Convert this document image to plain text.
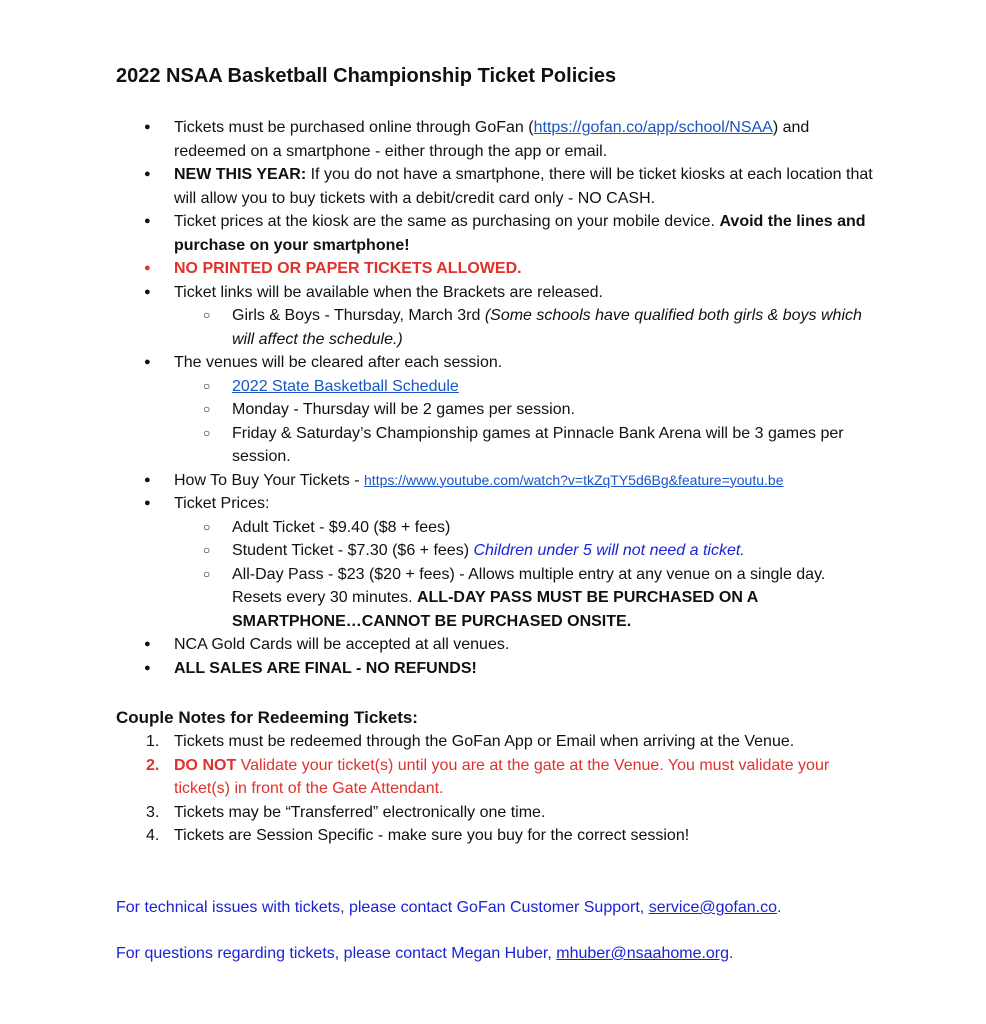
2022 NSAA Basketball Championship Ticket Policies
● Tickets must be purchased online through GoFan (https://gofan.co/app/school/NSAA) and redeemed on a smartphone - either through the app or email.
● NEW THIS YEAR: If you do not have a smartphone, there will be ticket kiosks at each location that will allow you to buy tickets with a debit/credit card only - NO CASH.
● Ticket prices at the kiosk are the same as purchasing on your mobile device. Avoid the lines and purchase on your smartphone!
● NO PRINTED OR PAPER TICKETS ALLOWED.
● Ticket links will be available when the Brackets are released.
○ Girls & Boys - Thursday, March 3rd (Some schools have qualified both girls & boys which will affect the schedule.)
● The venues will be cleared after each session.
○ 2022 State Basketball Schedule
○ Monday - Thursday will be 2 games per session.
○ Friday & Saturday’s Championship games at Pinnacle Bank Arena will be 3 games per session.
● How To Buy Your Tickets - https://www.youtube.com/watch?v=tkZqTY5d6Bg&feature=youtu.be
● Ticket Prices:
○ Adult Ticket - $9.40 ($8 + fees)
○ Student Ticket - $7.30 ($6 + fees) Children under 5 will not need a ticket.
○ All-Day Pass - $23 ($20 + fees) - Allows multiple entry at any venue on a single day. Resets every 30 minutes. ALL-DAY PASS MUST BE PURCHASED ON A SMARTPHONE…CANNOT BE PURCHASED ONSITE.
● NCA Gold Cards will be accepted at all venues.
● ALL SALES ARE FINAL - NO REFUNDS!
Couple Notes for Redeeming Tickets:
1. Tickets must be redeemed through the GoFan App or Email when arriving at the Venue.
2. DO NOT Validate your ticket(s) until you are at the gate at the Venue. You must validate your ticket(s) in front of the Gate Attendant.
3. Tickets may be “Transferred” electronically one time.
4. Tickets are Session Specific - make sure you buy for the correct session!
For technical issues with tickets, please contact GoFan Customer Support, service@gofan.co.
For questions regarding tickets, please contact Megan Huber, mhuber@nsaahome.org.
